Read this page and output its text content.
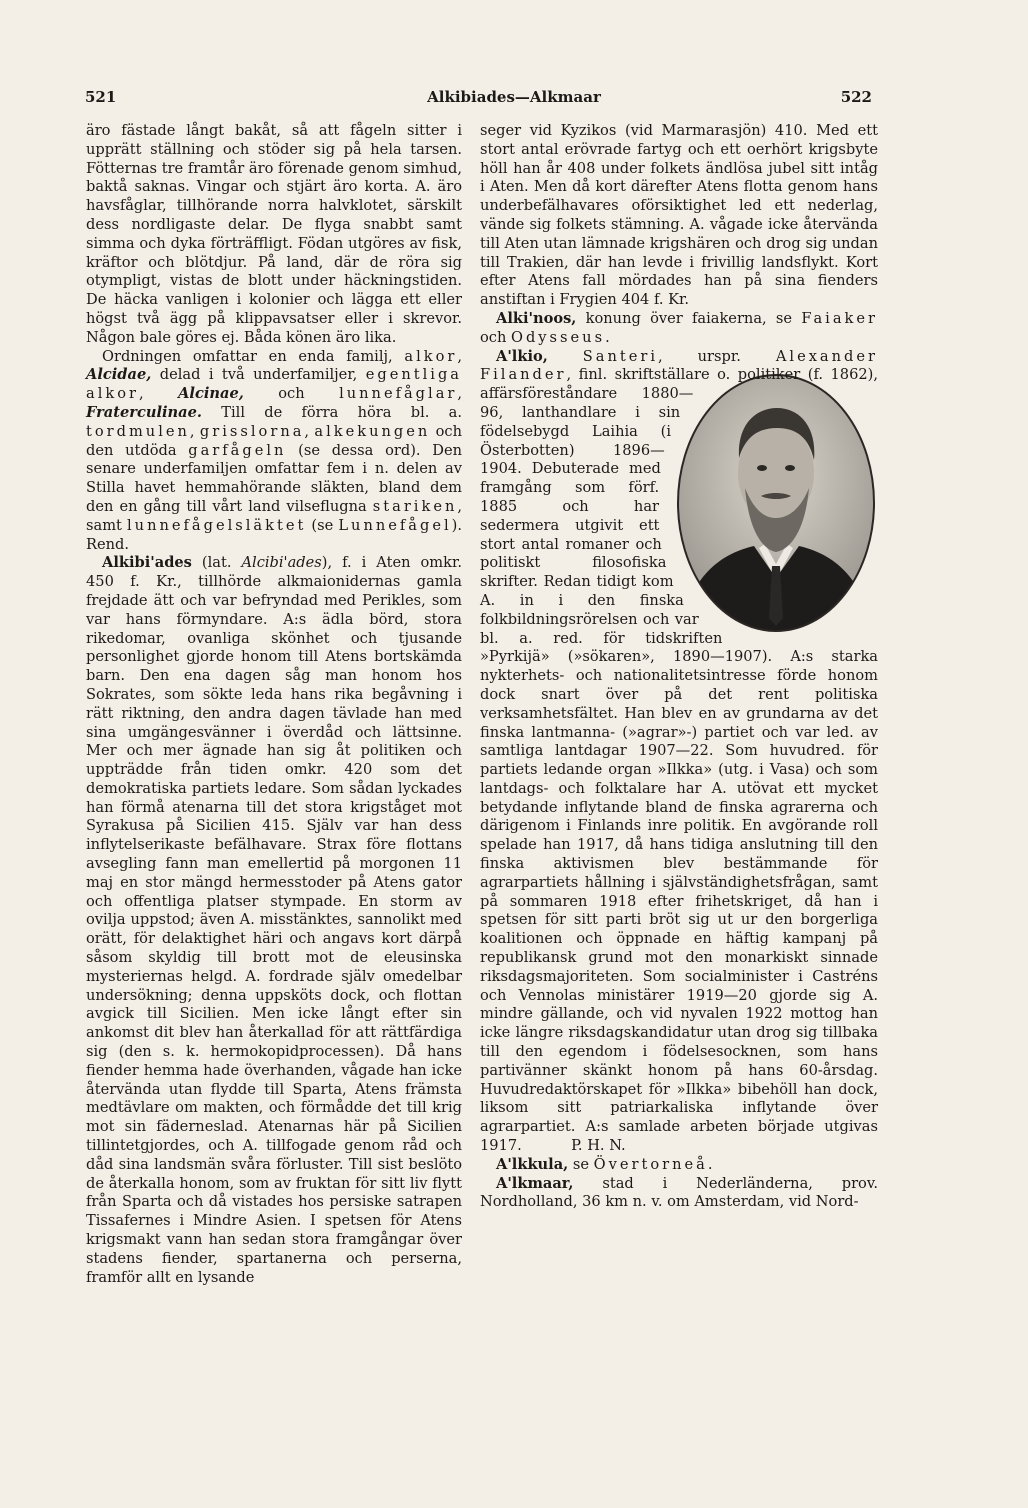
521	Alkibiades—Alkmaar	522

äro fästade långt bakåt, så att fågeln sitter i upprätt ställning och stöder sig på hela tarsen. Fötternas tre framtår äro förenade genom simhud, baktå saknas. Vingar och stjärt äro korta. A. äro havsfåglar, tillhörande norra halvklotet, särskilt dess nordligaste delar. De flyga snabbt samt simma och dyka förträffligt. Födan utgöres av fisk, kräftor och blötdjur. På land, där de röra sig otympligt, vistas de blott under häckningstiden. De häcka vanligen i kolonier och lägga ett eller högst två ägg på klippavsatser eller i skrevor. Någon bale göres ej. Båda könen äro lika.

Ordningen omfattar en enda familj, alkor, Alcidae, delad i två underfamiljer, egentliga alkor, Alcinae, och lunnefåglar, Fraterculinae. Till de förra höra bl. a. tordmulen, grisslorna, alkekungen och den utdöda garfågeln (se dessa ord). Den senare underfamiljen omfattar fem i n. delen av Stilla havet hemmahörande släkten, bland dem den en gång till vårt land vilseflugna stariken, samt lunnefågelsläktet (se Lunnefågel). Rend.

Alkibi'ades (lat. Alcibi'ades), f. i Aten omkr. 450 f. Kr., tillhörde alkmaionidernas gamla frejdade ätt och var befryndad med Perikles, som var hans förmyndare. A:s ädla börd, stora rikedomar, ovanliga skönhet och tjusande personlighet gjorde honom till Atens bortskämda barn. Den ena dagen såg man honom hos Sokrates, som sökte leda hans rika begåvning i rätt riktning, den andra dagen tävlade han med sina umgängesvänner i överdåd och lättsinne. Mer och mer ägnade han sig åt politiken och uppträdde från tiden omkr. 420 som det demokratiska partiets ledare. Som sådan lyckades han förmå atenarna till det stora krigståget mot Syrakusa på Sicilien 415. Själv var han dess inflytelserikaste befälhavare. Strax före flottans avsegling fann man emellertid på morgonen 11 maj en stor mängd hermesstoder på Atens gator och offentliga platser stympade. En storm av ovilja uppstod; även A. misstänktes, sannolikt med orätt, för delaktighet häri och angavs kort därpå såsom skyldig till brott mot de eleusinska mysteriernas helgd. A. fordrade själv omedelbar undersökning; denna uppsköts dock, och flottan avgick till Sicilien. Men icke långt efter sin ankomst dit blev han återkallad för att rättfärdiga sig (den s. k. hermokopidprocessen). Då hans fiender hemma hade överhanden, vågade han icke återvända utan flydde till Sparta, Atens främsta medtävlare om makten, och förmådde det till krig mot sin fäderneslad. Atenarnas här på Sicilien tillintetgjordes, och A. tillfogade genom råd och dåd sina landsmän svåra förluster. Till sist beslöto de återkalla honom, som av fruktan för sitt liv flytt från Sparta och då vistades hos persiske satrapen Tissafernes i Mindre Asien. I spetsen för Atens krigsmakt vann han sedan stora framgångar över stadens fiender, spartanerna och perserna, framför allt en lysande

seger vid Kyzikos (vid Marmarasjön) 410. Med ett stort antal erövrade fartyg och ett oerhört krigsbyte höll han år 408 under folkets ändlösa jubel sitt intåg i Aten. Men då kort därefter Atens flotta genom hans underbefälhavares oförsiktighet led ett nederlag, vände sig folkets stämning. A. vågade icke återvända till Aten utan lämnade krigshären och drog sig undan till Trakien, där han levde i frivillig landsflykt. Kort efter Atens fall mördades han på sina fienders anstiftan i Frygien 404 f. Kr.

Alki'noos, konung över faiakerna, se Faiaker och Odysseus.

A'lkio, Santeri, urspr. Alexander Filander
, finl. skriftställare o. politiker (f. 1862), affärsföreståndare 1880—96, lanthandlare i sin födelsebygd Laihia (i Österbotten) 1896—1904. Debuterade med framgång som förf. 1885 och har sedermera utgivit ett stort antal romaner och politiskt filosofiska skrifter. Redan tidigt kom A. in i den finska folkbildningsrörelsen och var bl. a. red. för tidskriften »Pyrkijä» (»sökaren», 1890—1907). A:s starka nykterhets- och nationalitetsintresse förde honom dock snart över på det rent politiska verksamhetsfältet. Han blev en av grundarna av det finska lantmanna- (»agrar»-) partiet och var led. av samtliga lantdagar 1907—22. Som huvudred. för partiets ledande organ »Ilkka» (utg. i Vasa) och som lantdags- och folktalare har A. utövat ett mycket betydande inflytande bland de finska agrarerna och därigenom i Finlands inre politik. En avgörande roll spelade han 1917, då hans tidiga anslutning till den finska aktivismen blev bestämmande för agrarpartiets hållning i självständighetsfrågan, samt på sommaren 1918 efter frihetskriget, då han i spetsen för sitt parti bröt sig ut ur den borgerliga koalitionen och öppnade en häftig kampanj på republikansk grund mot den monarkiskt sinnade riksdagsmajoriteten. Som socialminister i Castréns och Vennolas ministärer 1919—20 gjorde sig A. mindre gällande, och vid nyvalen 1922 mottog han icke längre riksdagskandidatur utan drog sig tillbaka till den egendom i födelsesocknen, som hans partivänner skänkt honom på hans 60-årsdag. Huvudredaktörskapet för »Ilkka» bibehöll han dock, liksom sitt patriarkaliska inflytande över agrarpartiet. A:s samlade arbeten började utgivas 1917.	P. H. N.

A'lkkula, se Övertorneå.

A'lkmaar, stad i Nederländerna, prov. Nordholland, 36 km n. v. om Amsterdam, vid Nord-
